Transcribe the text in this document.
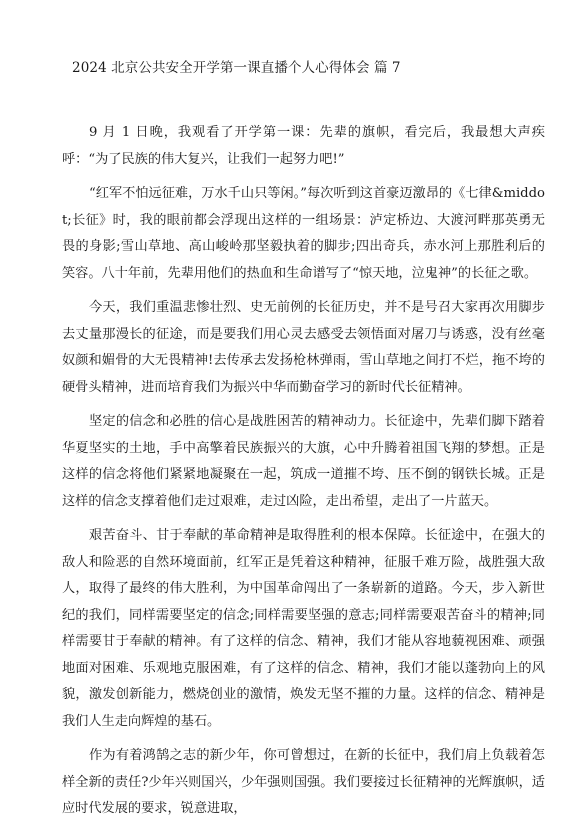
2024 北京公共安全开学第一课直播个人心得体会 篇 7

9 月 1 日晚，我观看了开学第一课：先辈的旗帜，看完后，我最想大声疾呼：“为了民族的伟大复兴，让我们一起努力吧!”

“红军不怕远征难，万水千山只等闲。”每次听到这首豪迈激昂的《七律&middot;长征》时，我的眼前都会浮现出这样的一组场景：泸定桥边、大渡河畔那英勇无畏的身影;雪山草地、高山峻岭那坚毅执着的脚步;四出奇兵，赤水河上那胜利后的笑容。八十年前，先辈用他们的热血和生命谱写了“惊天地，泣鬼神”的长征之歌。

今天，我们重温悲惨壮烈、史无前例的长征历史，并不是号召大家再次用脚步去丈量那漫长的征途，而是要我们用心灵去感受去领悟面对屠刀与诱惑，没有丝毫奴颜和媚骨的大无畏精神!去传承去发扬枪林弹雨，雪山草地之间打不烂，拖不垮的硬骨头精神，进而培育我们为振兴中华而勤奋学习的新时代长征精神。

坚定的信念和必胜的信心是战胜困苦的精神动力。长征途中，先辈们脚下踏着华夏坚实的土地，手中高擎着民族振兴的大旗，心中升腾着祖国飞翔的梦想。正是这样的信念将他们紧紧地凝聚在一起，筑成一道摧不垮、压不倒的钢铁长城。正是这样的信念支撑着他们走过艰难，走过凶险，走出希望，走出了一片蓝天。

艰苦奋斗、甘于奉献的革命精神是取得胜利的根本保障。长征途中，在强大的敌人和险恶的自然环境面前，红军正是凭着这种精神，征服千难万险，战胜强大敌人，取得了最终的伟大胜利，为中国革命闯出了一条崭新的道路。今天，步入新世纪的我们，同样需要坚定的信念;同样需要坚强的意志;同样需要艰苦奋斗的精神;同样需要甘于奉献的精神。有了这样的信念、精神，我们才能从容地藐视困难、顽强地面对困难、乐观地克服困难，有了这样的信念、精神，我们才能以蓬勃向上的风貌，激发创新能力，燃烧创业的激情，焕发无坚不摧的力量。这样的信念、精神是我们人生走向辉煌的基石。

作为有着鸿鹄之志的新少年，你可曾想过，在新的长征中，我们肩上负载着怎样全新的责任?少年兴则国兴，少年强则国强。我们要接过长征精神的光辉旗帜，适应时代发展的要求，锐意进取，
